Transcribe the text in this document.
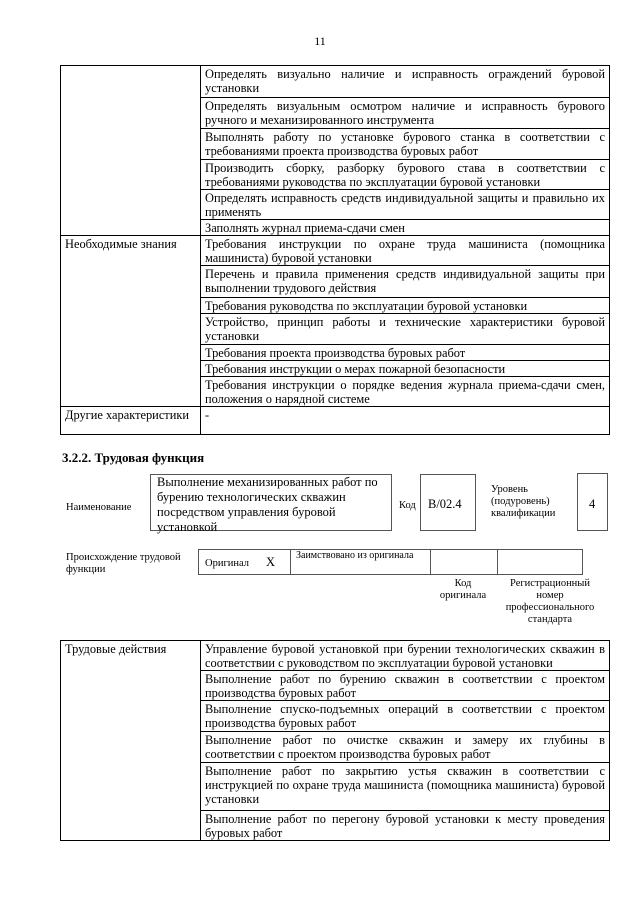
11
	Определять визуально наличие и исправность ограждений буровой установки
	Определять визуальным осмотром наличие и исправность бурового ручного и механизированного инструмента
	Выполнять работу по установке бурового станка в соответствии с требованиями проекта производства буровых работ
	Производить сборку, разборку бурового става в соответствии с требованиями руководства по эксплуатации буровой установки
	Определять исправность средств индивидуальной защиты и правильно их применять
	Заполнять журнал приема-сдачи смен
Необходимые знания	Требования инструкции по охране труда машиниста (помощника машиниста) буровой установки
	Перечень и правила применения средств индивидуальной защиты при выполнении трудового действия
	Требования руководства по эксплуатации буровой установки
	Устройство, принцип работы и технические характеристики буровой установки
	Требования проекта производства буровых работ
	Требования инструкции о мерах пожарной безопасности
	Требования инструкции о порядке ведения журнала приема-сдачи смен, положения о нарядной системе
Другие характеристики	-
3.2.2. Трудовая функция
Наименование
Выполнение механизированных работ по бурению технологических скважин посредством управления буровой установкой
Код B/02.4
Уровень (подуровень) квалификации
4
Происхождение трудовой функции
Оригинал X Заимствовано из оригинала
Код оригинала
Регистрационный номер профессионального стандарта
Трудовые действия	Управление буровой установкой при бурении технологических скважин в соответствии с руководством по эксплуатации буровой установки
Выполнение работ по бурению скважин в соответствии с проектом производства буровых работ
Выполнение спуско-подъемных операций в соответствии с проектом производства буровых работ
Выполнение работ по очистке скважин и замеру их глубины в соответствии с проектом производства буровых работ
Выполнение работ по закрытию устья скважин в соответствии с инструкцией по охране труда машиниста (помощника машиниста) буровой установки
Выполнение работ по перегону буровой установки к месту проведения буровых работ
